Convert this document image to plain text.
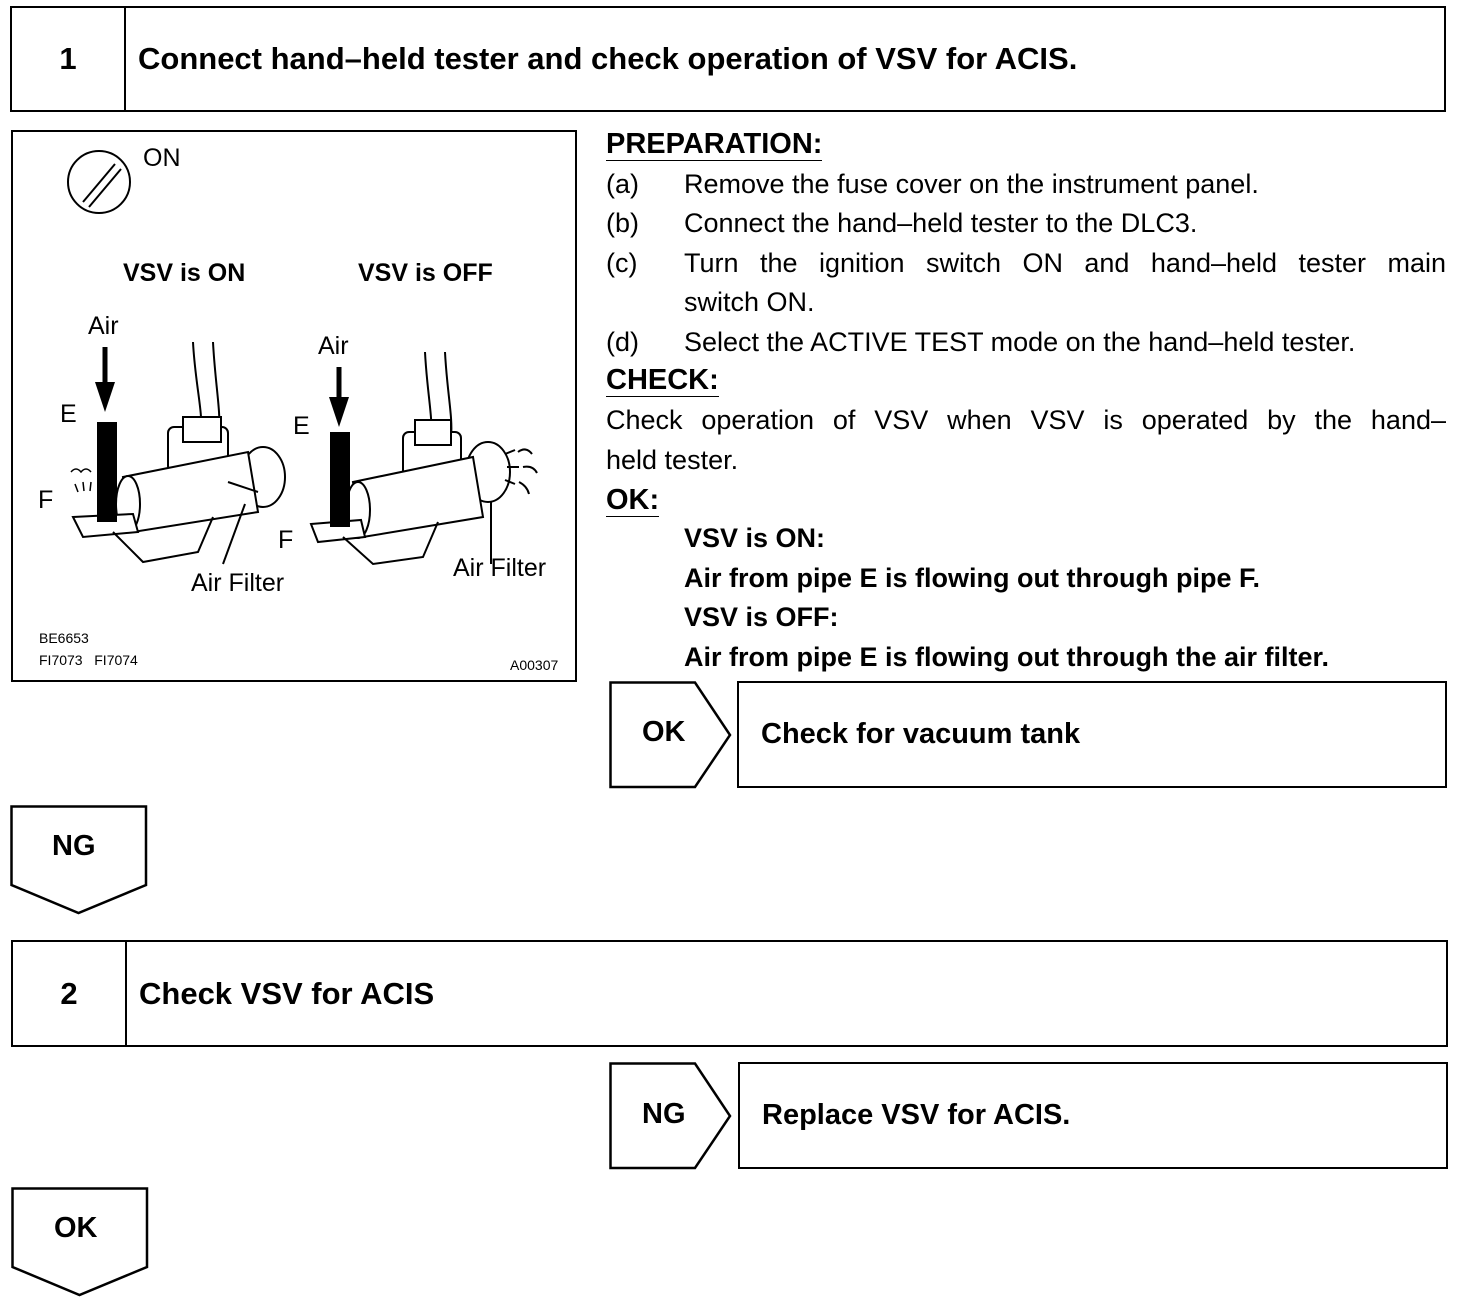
1	Connect hand–held tester and check operation of VSV for ACIS.
ON
VSV is ON	VSV is OFF
Air
E
F
Air Filter
Air
E
F
Air Filter
BE6653
FI7073   FI7074	A00307
PREPARATION:
(a) Remove the fuse cover on the instrument panel.
(b) Connect the hand–held tester to the DLC3.
(c) Turn the ignition switch ON and hand–held tester main
switch ON.
(d) Select the ACTIVE TEST mode on the hand–held tester.
CHECK:
Check operation of VSV when VSV is operated by the hand–
held tester.
OK:
VSV is ON:
Air from pipe E is flowing out through pipe F.
VSV is OFF:
Air from pipe E is flowing out through the air filter.
OK	Check for vacuum tank
NG
2	Check VSV for ACIS
NG	Replace VSV for ACIS.
OK
